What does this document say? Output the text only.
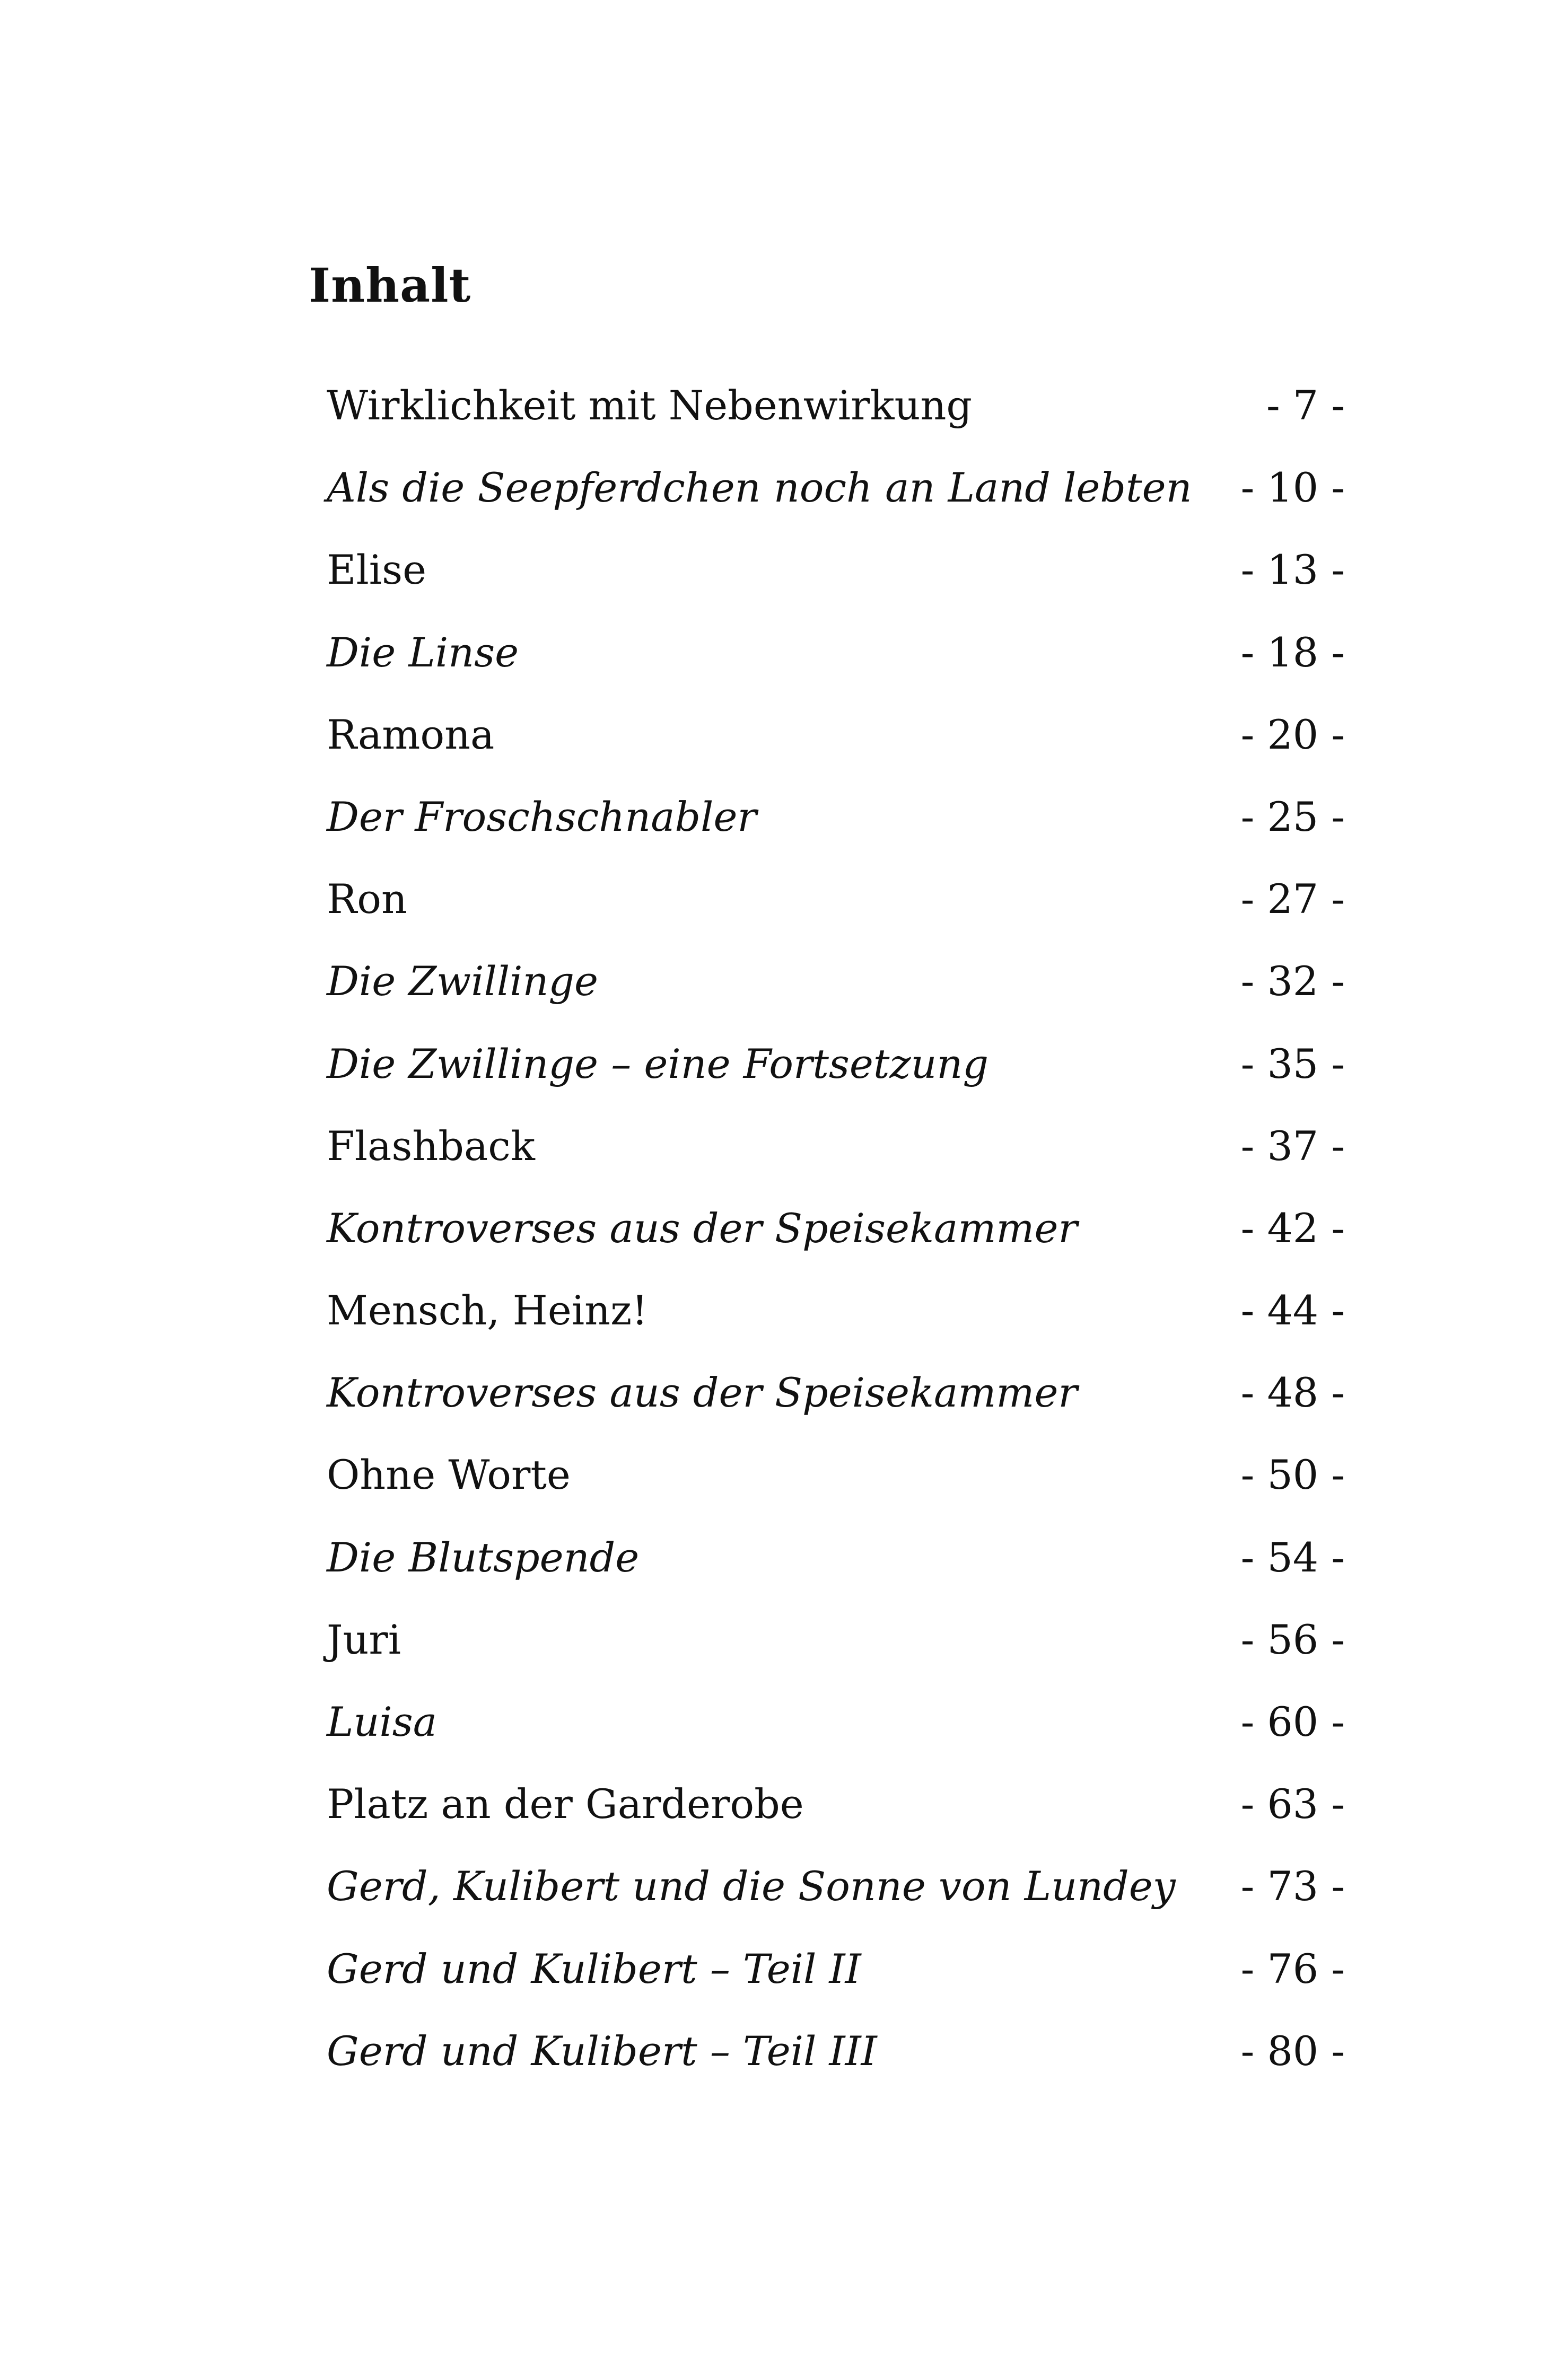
Inhalt
Wirklichkeit mit Nebenwirkung	- 7 -
Als die Seepferdchen noch an Land lebten - 10 -
Elise	- 13 -
Die Linse	- 18 -
Ramona	- 20 -
Der Froschschnabler	- 25 -
Ron	- 27 -
Die Zwillinge	- 32 -
Die Zwillinge – eine Fortsetzung	- 35 -
Flashback	- 37 -
Kontroverses aus der Speisekammer	- 42 -
Mensch, Heinz!	- 44 -
Kontroverses aus der Speisekammer	- 48 -
Ohne Worte	- 50 -
Die Blutspende	- 54 -
Juri	- 56 -
Luisa	- 60 -
Platz an der Garderobe	- 63 -
Gerd, Kulibert und die Sonne von Lundey - 73 -
Gerd und Kulibert – Teil II	- 76 -
Gerd und Kulibert – Teil III	- 80 -
